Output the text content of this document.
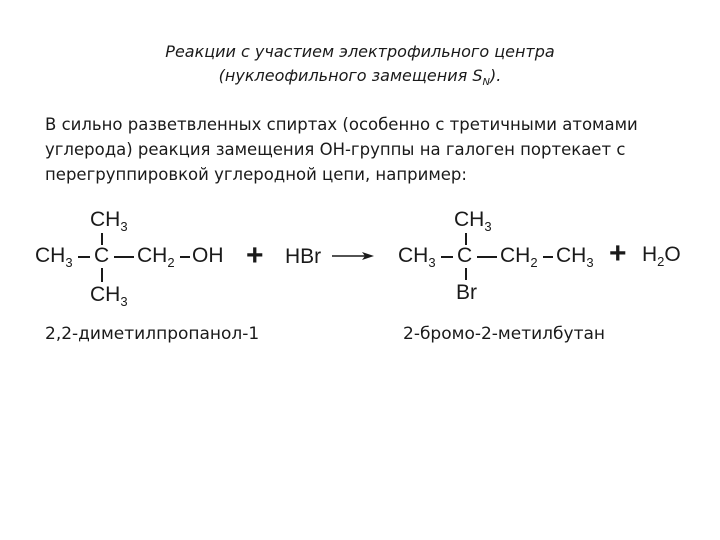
Реакции с участием электрофильного центра
(нуклеофильного замещения $S_N$).
В сильно разветвленных спиртах (особенно с третичными атомами
углерода) реакция замещения ОН-группы на галоген портекает с
перегруппировкой углеродной цепи, например:
$CH_3$
$CH_3$ C $CH_2$ OH
$CH_3$
+ HBr →
$CH_3$
$CH_3$ C $CH_2$ $CH_3$
Br
+ $H_2O$
2,2-диметилпропанол-1	2-бромо-2-метилбутан
